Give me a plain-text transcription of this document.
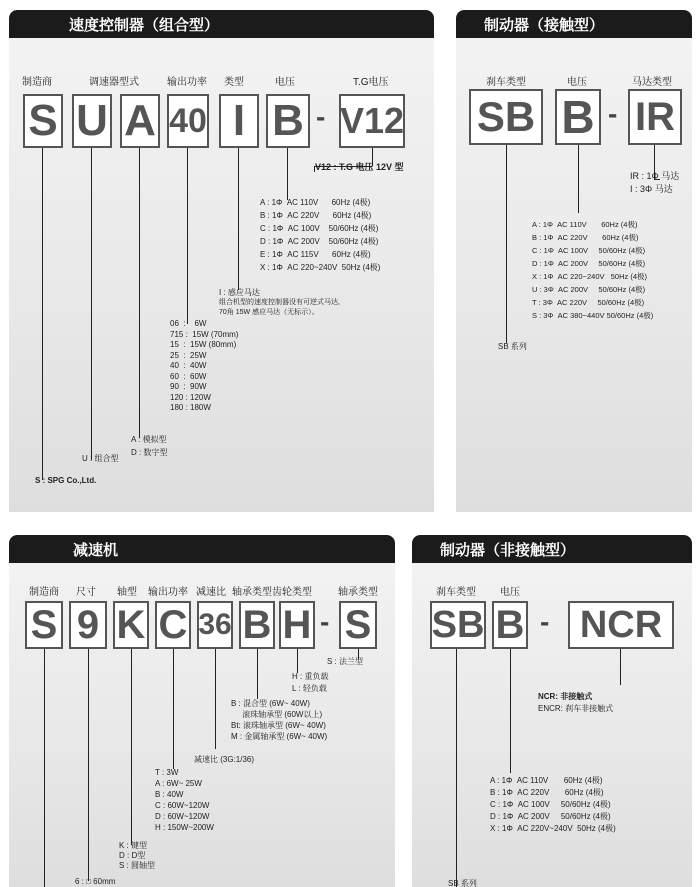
速度控制器（组合型）
制造商	调速器型式	输出功率 类型	电压	T.G电压
S U A 40 I B - V12
V12 : T.G 电压 12V 型
A : 1Φ  AC 110V      60Hz (4极)
B : 1Φ  AC 220V      60Hz (4极)
C : 1Φ  AC 100V    50/60Hz (4极)
D : 1Φ  AC 200V    50/60Hz (4极)
E : 1Φ  AC 115V      60Hz (4极)
X : 1Φ  AC 220~240V  50Hz (4极)
I : 感应马达
组合机型的速度控制器没有可逆式马达,
70角 15W 感应马达（无标示）。
06  :    6W
715 :  15W (70mm)
15  :  15W (80mm)
25  :  25W
40  :  40W
60  :  60W
90  :  90W
120 : 120W
180 : 180W
A : 模拟型
D : 数字型
U : 组合型
S : SPG Co.,Ltd.
制动器（接触型）
刹车类型	电压	马达类型
SB B - IR
IR : 1Φ 马达
I : 3Φ 马达
A : 1Φ  AC 110V       60Hz (4极)
B : 1Φ  AC 220V       60Hz (4极)
C : 1Φ  AC 100V     50/60Hz (4极)
D : 1Φ  AC 200V     50/60Hz (4极)
X : 1Φ  AC 220~240V   50Hz (4极)
U : 3Φ  AC 200V     50/60Hz (4极)
T : 3Φ  AC 220V     50/60Hz (4极)
S : 3Φ  AC 380~440V 50/60Hz (4极)
SB 系列
减速机
制造商 尺寸 轴型 输出功率 减速比 轴承类型齿轮类型	轴承类型
S 9 K C 36 B H - S
S : 法兰型
H : 重负载
L : 轻负载
B : 混合型 (6W~ 40W)
滚珠轴承型 (60W以上)
Bt: 滚珠轴承型 (6W~ 40W)
M : 金属轴承型 (6W~ 40W)
减速比 (3G:1/36)
T : 3W
A : 6W~ 25W
B : 40W
C : 60W~120W
D : 60W~120W
H : 150W~200W
K : 键型
D : D型
S : 圆轴型
6 : □ 60mm
制动器（非接触型）
刹车类型 电压
SB B - NCR
NCR: 非接触式
ENCR: 刹车非接触式
A : 1Φ  AC 110V       60Hz (4极)
B : 1Φ  AC 220V       60Hz (4极)
C : 1Φ  AC 100V     50/60Hz (4极)
D : 1Φ  AC 200V     50/60Hz (4极)
X : 1Φ  AC 220V~240V  50Hz (4极)
SB 系列
